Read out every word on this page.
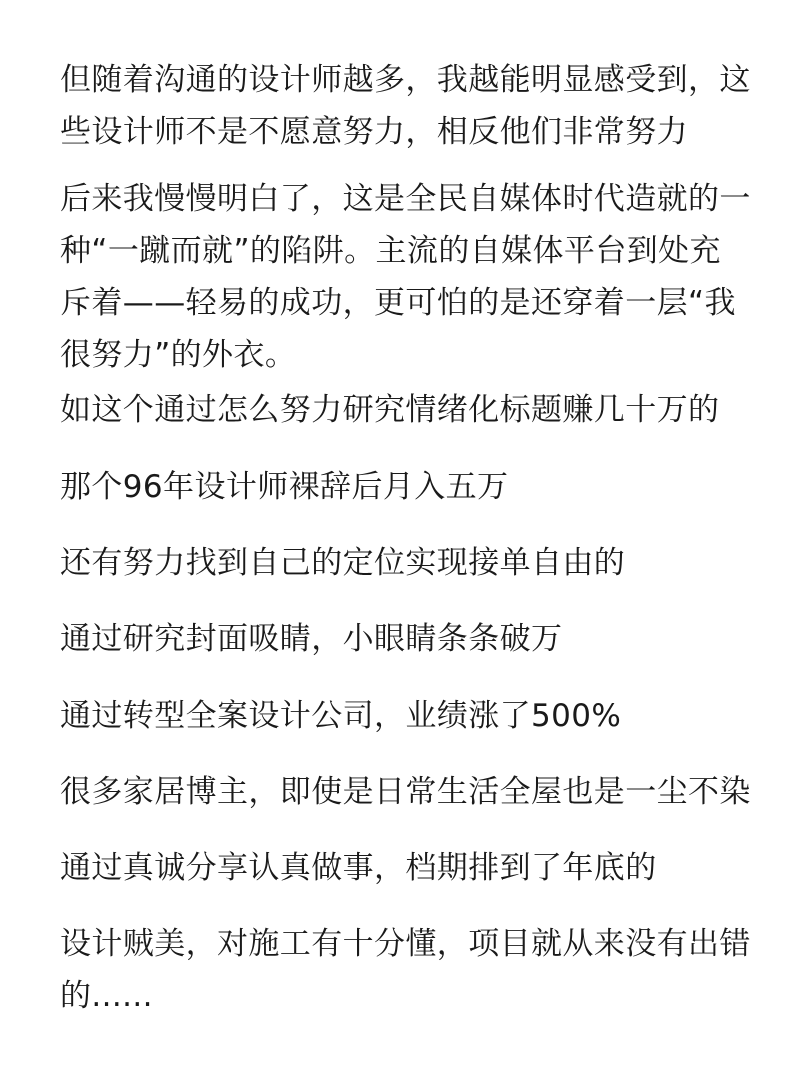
但随着沟通的设计师越多，我越能明显感受到，这
些设计师不是不愿意努力，相反他们非常努力

后来我慢慢明白了，这是全民自媒体时代造就的一
种“一蹴而就”的陷阱。主流的自媒体平台到处充
斥着——轻易的成功，更可怕的是还穿着一层“我
很努力”的外衣。

如这个通过怎么努力研究情绪化标题赚几十万的

那个96年设计师裸辞后月入五万

还有努力找到自己的定位实现接单自由的

通过研究封面吸睛，小眼睛条条破万

通过转型全案设计公司，业绩涨了500%

很多家居博主，即使是日常生活全屋也是一尘不染

通过真诚分享认真做事，档期排到了年底的

设计贼美，对施工有十分懂，项目就从来没有出错
的......
